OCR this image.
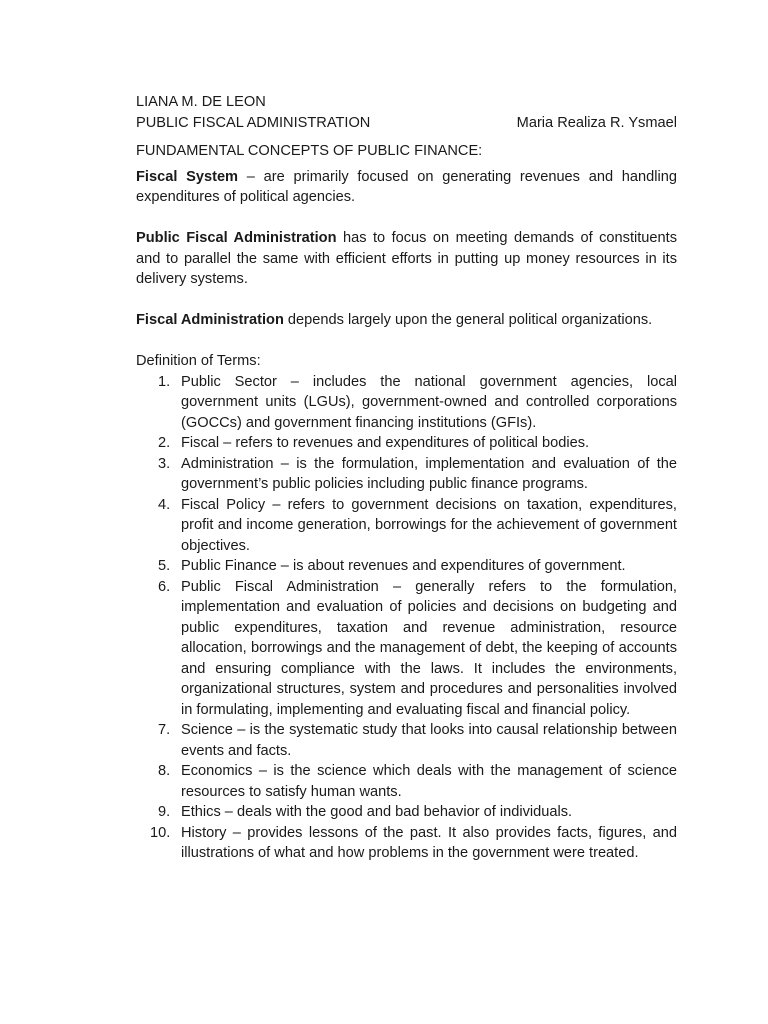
LIANA M. DE LEON
PUBLIC FISCAL ADMINISTRATION	Maria Realiza R. Ysmael
FUNDAMENTAL CONCEPTS OF PUBLIC FINANCE:

Fiscal System – are primarily focused on generating revenues and handling expenditures of political agencies.

Public Fiscal Administration has to focus on meeting demands of constituents and to parallel the same with efficient efforts in putting up money resources in its delivery systems.

Fiscal Administration depends largely upon the general political organizations.

Definition of Terms:
1. Public Sector – includes the national government agencies, local government units (LGUs), government-owned and controlled corporations (GOCCs) and government financing institutions (GFIs).
2. Fiscal – refers to revenues and expenditures of political bodies.
3. Administration – is the formulation, implementation and evaluation of the government’s public policies including public finance programs.
4. Fiscal Policy – refers to government decisions on taxation, expenditures, profit and income generation, borrowings for the achievement of government objectives.
5. Public Finance – is about revenues and expenditures of government.
6. Public Fiscal Administration – generally refers to the formulation, implementation and evaluation of policies and decisions on budgeting and public expenditures, taxation and revenue administration, resource allocation, borrowings and the management of debt, the keeping of accounts and ensuring compliance with the laws. It includes the environments, organizational structures, system and procedures and personalities involved in formulating, implementing and evaluating fiscal and financial policy.
7. Science – is the systematic study that looks into causal relationship between events and facts.
8. Economics – is the science which deals with the management of science resources to satisfy human wants.
9. Ethics – deals with the good and bad behavior of individuals.
10. History – provides lessons of the past. It also provides facts, figures, and illustrations of what and how problems in the government were treated.
